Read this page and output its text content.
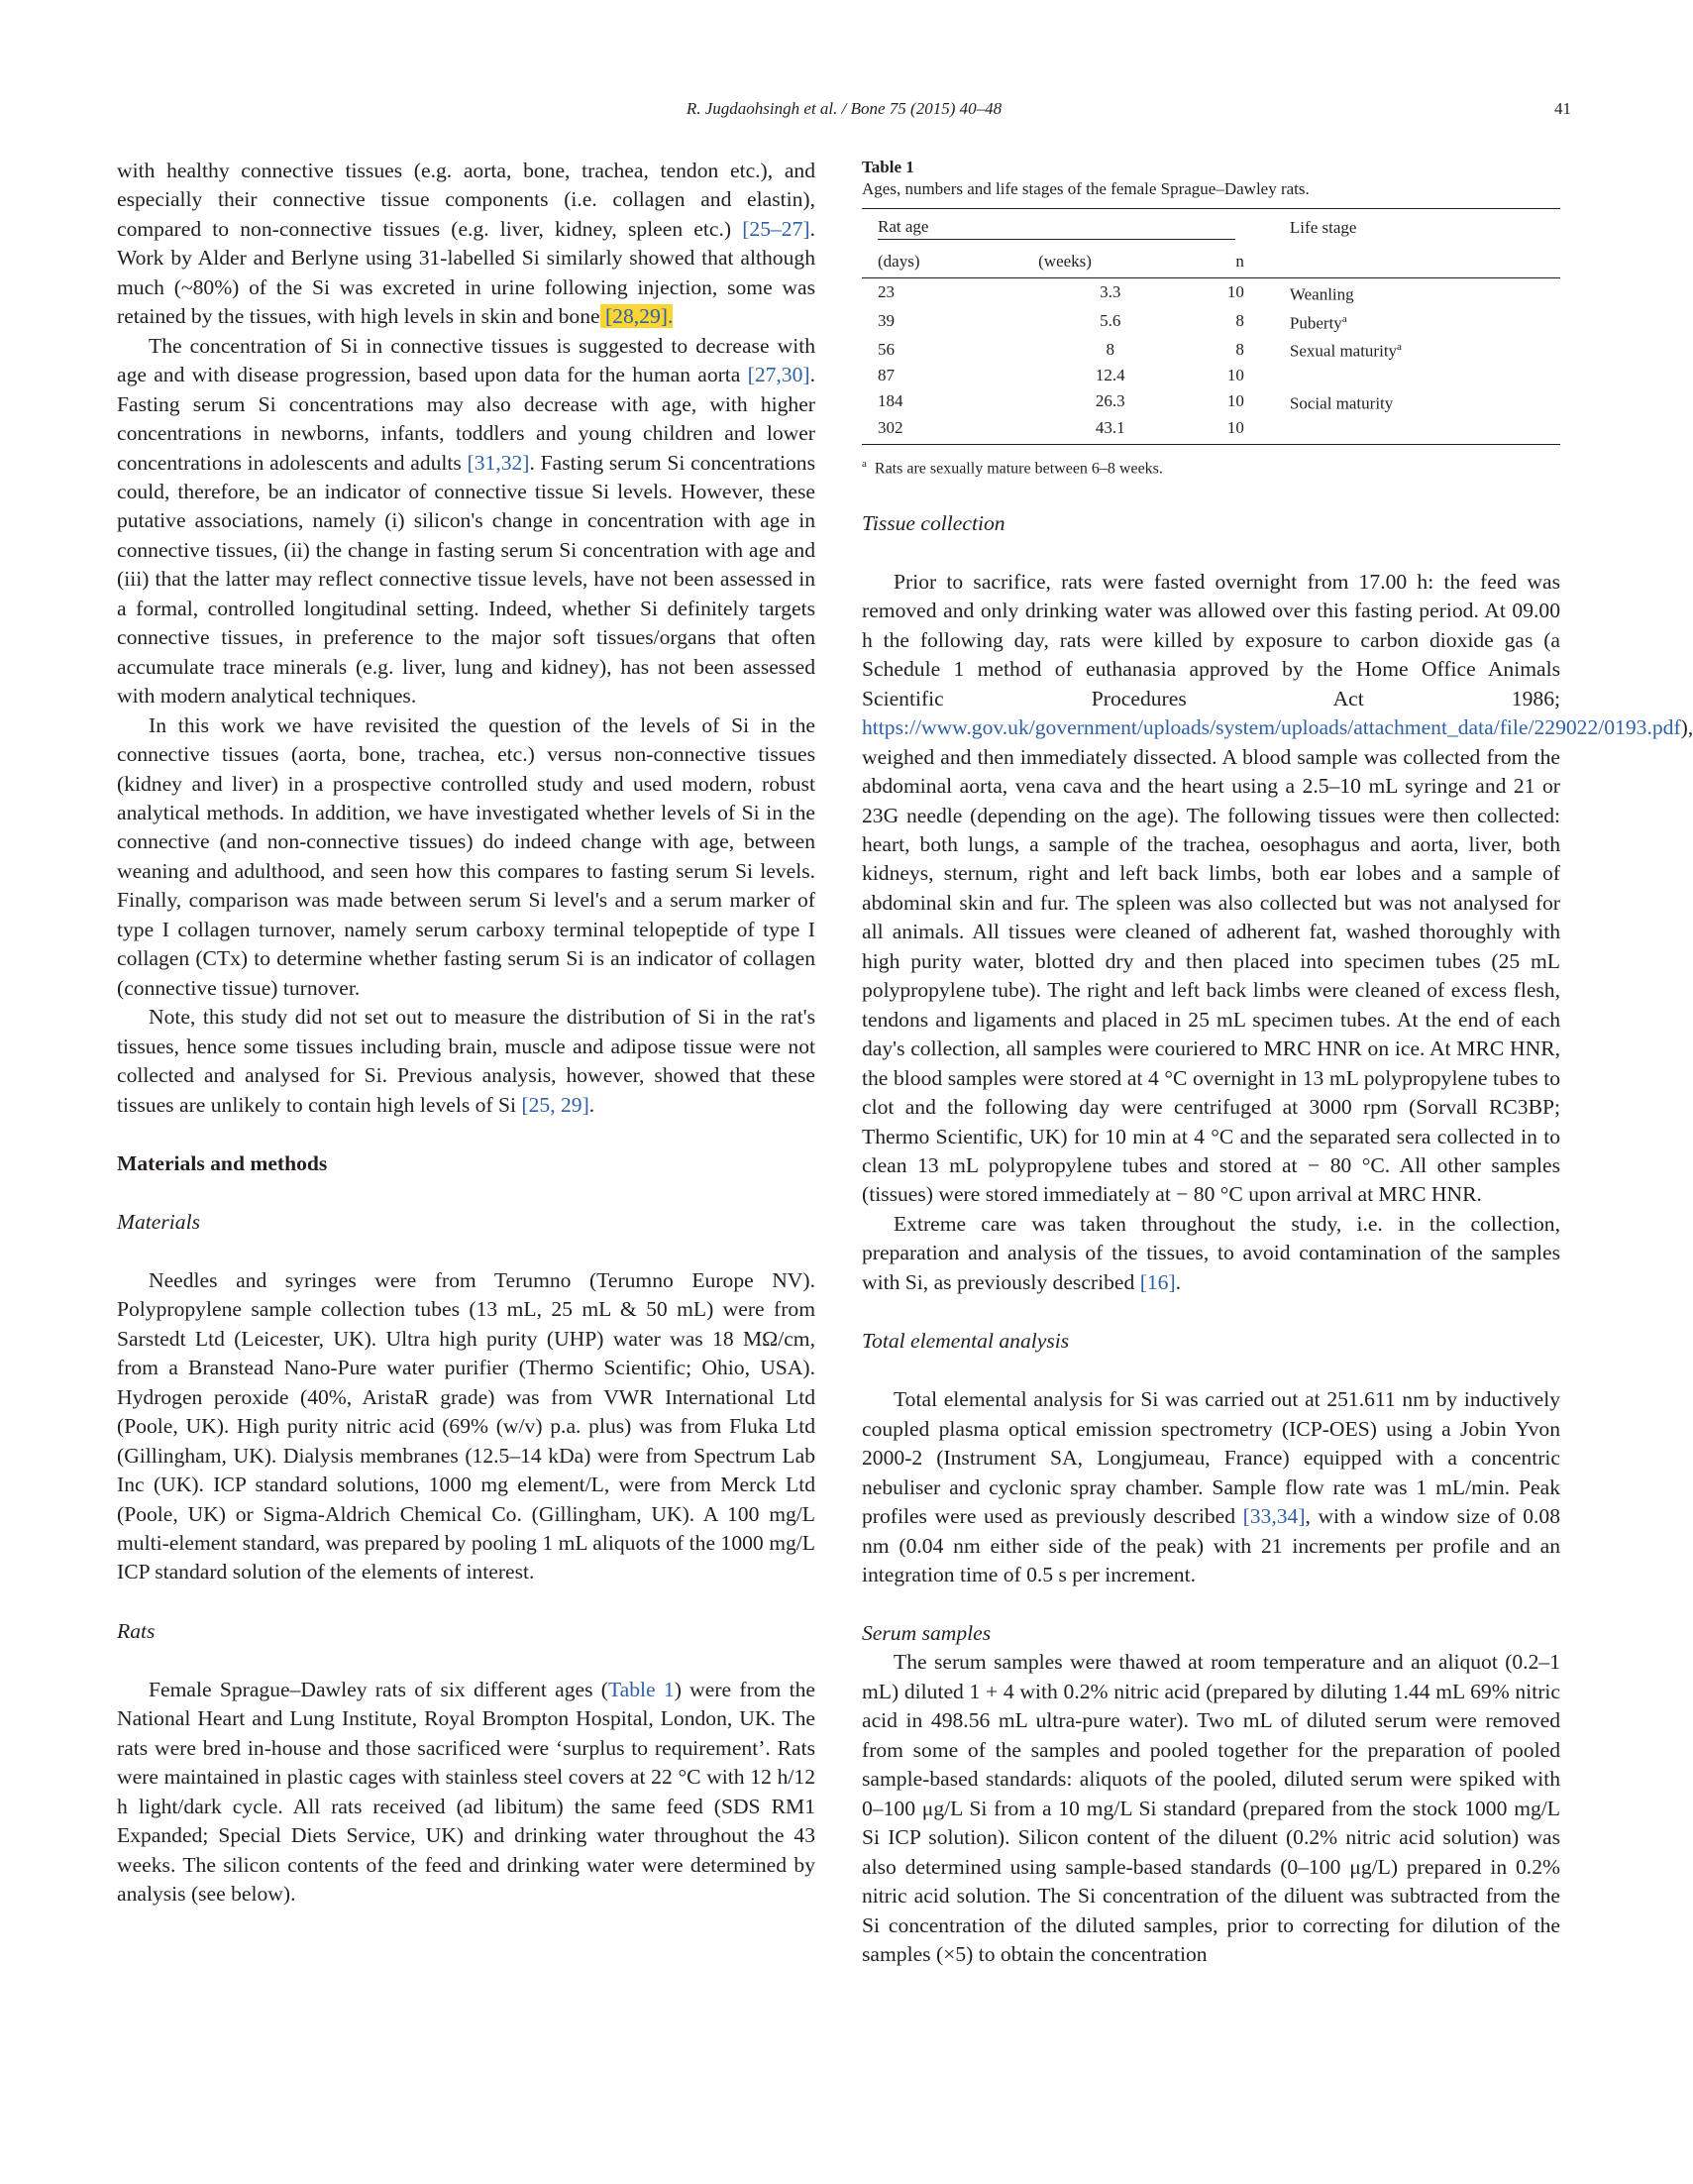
R. Jugdaohsingh et al. / Bone 75 (2015) 40–48	41

with healthy connective tissues (e.g. aorta, bone, trachea, tendon etc.), and especially their connective tissue components (i.e. collagen and elastin), compared to non-connective tissues (e.g. liver, kidney, spleen etc.) [25–27]. Work by Alder and Berlyne using 31-labelled Si similarly showed that although much (~80%) of the Si was excreted in urine following injection, some was retained by the tissues, with high levels in skin and bone [28,29].

The concentration of Si in connective tissues is suggested to decrease with age and with disease progression, based upon data for the human aorta [27,30]. Fasting serum Si concentrations may also decrease with age, with higher concentrations in newborns, infants, toddlers and young children and lower concentrations in adolescents and adults [31,32]. Fasting serum Si concentrations could, therefore, be an indicator of connective tissue Si levels. However, these putative associations, namely (i) silicon's change in concentration with age in connective tissues, (ii) the change in fasting serum Si concentration with age and (iii) that the latter may reflect connective tissue levels, have not been assessed in a formal, controlled longitudinal setting. Indeed, whether Si definitely targets connective tissues, in preference to the major soft tissues/organs that often accumulate trace minerals (e.g. liver, lung and kidney), has not been assessed with modern analytical techniques.

In this work we have revisited the question of the levels of Si in the connective tissues (aorta, bone, trachea, etc.) versus non-connective tissues (kidney and liver) in a prospective controlled study and used modern, robust analytical methods. In addition, we have investigated whether levels of Si in the connective (and non-connective tissues) do indeed change with age, between weaning and adulthood, and seen how this compares to fasting serum Si levels. Finally, comparison was made between serum Si level's and a serum marker of type I collagen turnover, namely serum carboxy terminal telopeptide of type I collagen (CTx) to determine whether fasting serum Si is an indicator of collagen (connective tissue) turnover.

Note, this study did not set out to measure the distribution of Si in the rat's tissues, hence some tissues including brain, muscle and adipose tissue were not collected and analysed for Si. Previous analysis, however, showed that these tissues are unlikely to contain high levels of Si [25, 29].

Materials and methods
Materials

Needles and syringes were from Terumno (Terumno Europe NV). Polypropylene sample collection tubes (13 mL, 25 mL & 50 mL) were from Sarstedt Ltd (Leicester, UK). Ultra high purity (UHP) water was 18 MΩ/cm, from a Branstead Nano-Pure water purifier (Thermo Scientific; Ohio, USA). Hydrogen peroxide (40%, AristaR grade) was from VWR International Ltd (Poole, UK). High purity nitric acid (69% (w/v) p.a. plus) was from Fluka Ltd (Gillingham, UK). Dialysis membranes (12.5–14 kDa) were from Spectrum Lab Inc (UK). ICP standard solutions, 1000 mg element/L, were from Merck Ltd (Poole, UK) or Sigma-Aldrich Chemical Co. (Gillingham, UK). A 100 mg/L multi-element standard, was prepared by pooling 1 mL aliquots of the 1000 mg/L ICP standard solution of the elements of interest.

Rats

Female Sprague–Dawley rats of six different ages (Table 1) were from the National Heart and Lung Institute, Royal Brompton Hospital, London, UK. The rats were bred in-house and those sacrificed were ‘surplus to requirement’. Rats were maintained in plastic cages with stainless steel covers at 22 °C with 12 h/12 h light/dark cycle. All rats received (ad libitum) the same feed (SDS RM1 Expanded; Special Diets Service, UK) and drinking water throughout the 43 weeks. The silicon contents of the feed and drinking water were determined by analysis (see below).

Table 1
Ages, numbers and life stages of the female Sprague–Dawley rats.
Rat age			Life stage
(days)	(weeks)	n	
23	3.3	10	Weanling
39	5.6	8	Puberty$^a$
56	8	8	Sexual maturity$^a$
87	12.4	10	
184	26.3	10	Social maturity
302	43.1	10	
$^a$ Rats are sexually mature between 6–8 weeks.
Tissue collection

Prior to sacrifice, rats were fasted overnight from 17.00 h: the feed was removed and only drinking water was allowed over this fasting period. At 09.00 h the following day, rats were killed by exposure to carbon dioxide gas (a Schedule 1 method of euthanasia approved by the Home Office Animals Scientific Procedures Act 1986; https://www.gov.uk/government/uploads/system/uploads/attachment_data/file/229022/0193.pdf), weighed and then immediately dissected. A blood sample was collected from the abdominal aorta, vena cava and the heart using a 2.5–10 mL syringe and 21 or 23G needle (depending on the age). The following tissues were then collected: heart, both lungs, a sample of the trachea, oesophagus and aorta, liver, both kidneys, sternum, right and left back limbs, both ear lobes and a sample of abdominal skin and fur. The spleen was also collected but was not analysed for all animals. All tissues were cleaned of adherent fat, washed thoroughly with high purity water, blotted dry and then placed into specimen tubes (25 mL polypropylene tube). The right and left back limbs were cleaned of excess flesh, tendons and ligaments and placed in 25 mL specimen tubes. At the end of each day's collection, all samples were couriered to MRC HNR on ice. At MRC HNR, the blood samples were stored at 4 °C overnight in 13 mL polypropylene tubes to clot and the following day were centrifuged at 3000 rpm (Sorvall RC3BP; Thermo Scientific, UK) for 10 min at 4 °C and the separated sera collected in to clean 13 mL polypropylene tubes and stored at − 80 °C. All other samples (tissues) were stored immediately at − 80 °C upon arrival at MRC HNR.

Extreme care was taken throughout the study, i.e. in the collection, preparation and analysis of the tissues, to avoid contamination of the samples with Si, as previously described [16].

Total elemental analysis

Total elemental analysis for Si was carried out at 251.611 nm by inductively coupled plasma optical emission spectrometry (ICP-OES) using a Jobin Yvon 2000-2 (Instrument SA, Longjumeau, France) equipped with a concentric nebuliser and cyclonic spray chamber. Sample flow rate was 1 mL/min. Peak profiles were used as previously described [33,34], with a window size of 0.08 nm (0.04 nm either side of the peak) with 21 increments per profile and an integration time of 0.5 s per increment.

Serum samples

The serum samples were thawed at room temperature and an aliquot (0.2–1 mL) diluted 1 + 4 with 0.2% nitric acid (prepared by diluting 1.44 mL 69% nitric acid in 498.56 mL ultra-pure water). Two mL of diluted serum were removed from some of the samples and pooled together for the preparation of pooled sample-based standards: aliquots of the pooled, diluted serum were spiked with 0–100 μg/L Si from a 10 mg/L Si standard (prepared from the stock 1000 mg/L Si ICP solution). Silicon content of the diluent (0.2% nitric acid solution) was also determined using sample-based standards (0–100 μg/L) prepared in 0.2% nitric acid solution. The Si concentration of the diluent was subtracted from the Si concentration of the diluted samples, prior to correcting for dilution of the samples (×5) to obtain the concentration
